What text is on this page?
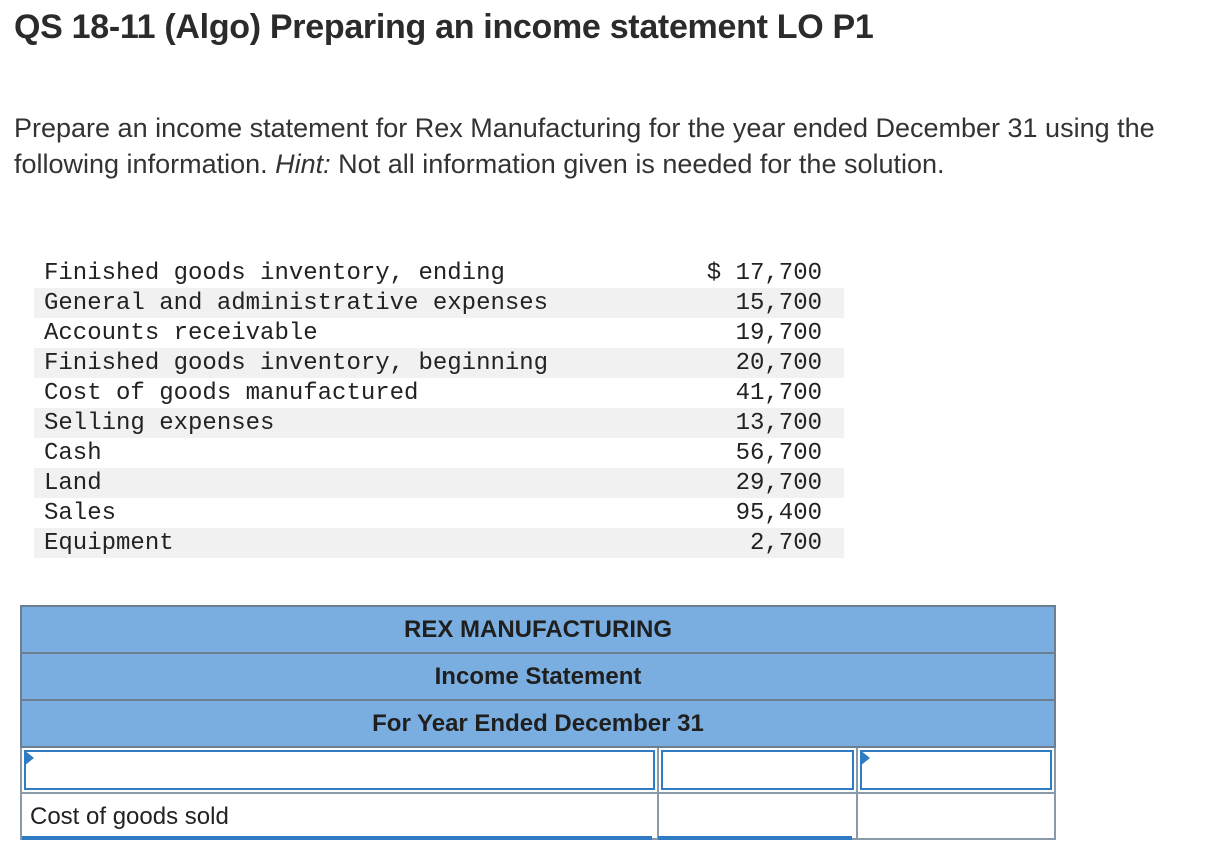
QS 18-11 (Algo) Preparing an income statement LO P1
Prepare an income statement for Rex Manufacturing for the year ended December 31 using the following information. Hint: Not all information given is needed for the solution.
Finished goods inventory, ending	$ 17,700
General and administrative expenses	15,700
Accounts receivable	19,700
Finished goods inventory, beginning	20,700
Cost of goods manufactured	41,700
Selling expenses	13,700
Cash	56,700
Land	29,700
Sales	95,400
Equipment	2,700
REX MANUFACTURING		
Income Statement		
For Year Ended December 31		

Cost of goods sold		
